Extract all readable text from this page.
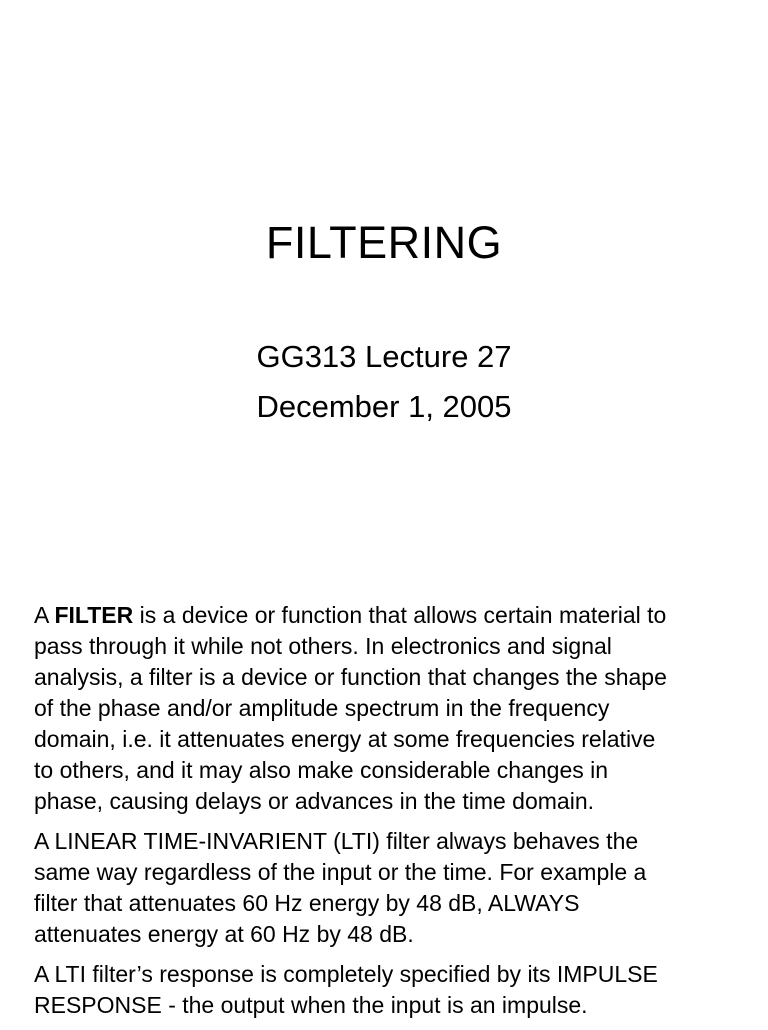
FILTERING
GG313 Lecture 27
December 1, 2005

A FILTER is a device or function that allows certain material to
pass through it while not others. In electronics and signal
analysis, a filter is a device or function that changes the shape
of the phase and/or amplitude spectrum in the frequency
domain, i.e. it attenuates energy at some frequencies relative
to others, and it may also make considerable changes in
phase, causing delays or advances in the time domain.

A LINEAR TIME-INVARIENT (LTI) filter always behaves the
same way regardless of the input or the time. For example a
filter that attenuates 60 Hz energy by 48 dB, ALWAYS
attenuates energy at 60 Hz by 48 dB.

A LTI filter’s response is completely specified by its IMPULSE
RESPONSE - the output when the input is an impulse.
